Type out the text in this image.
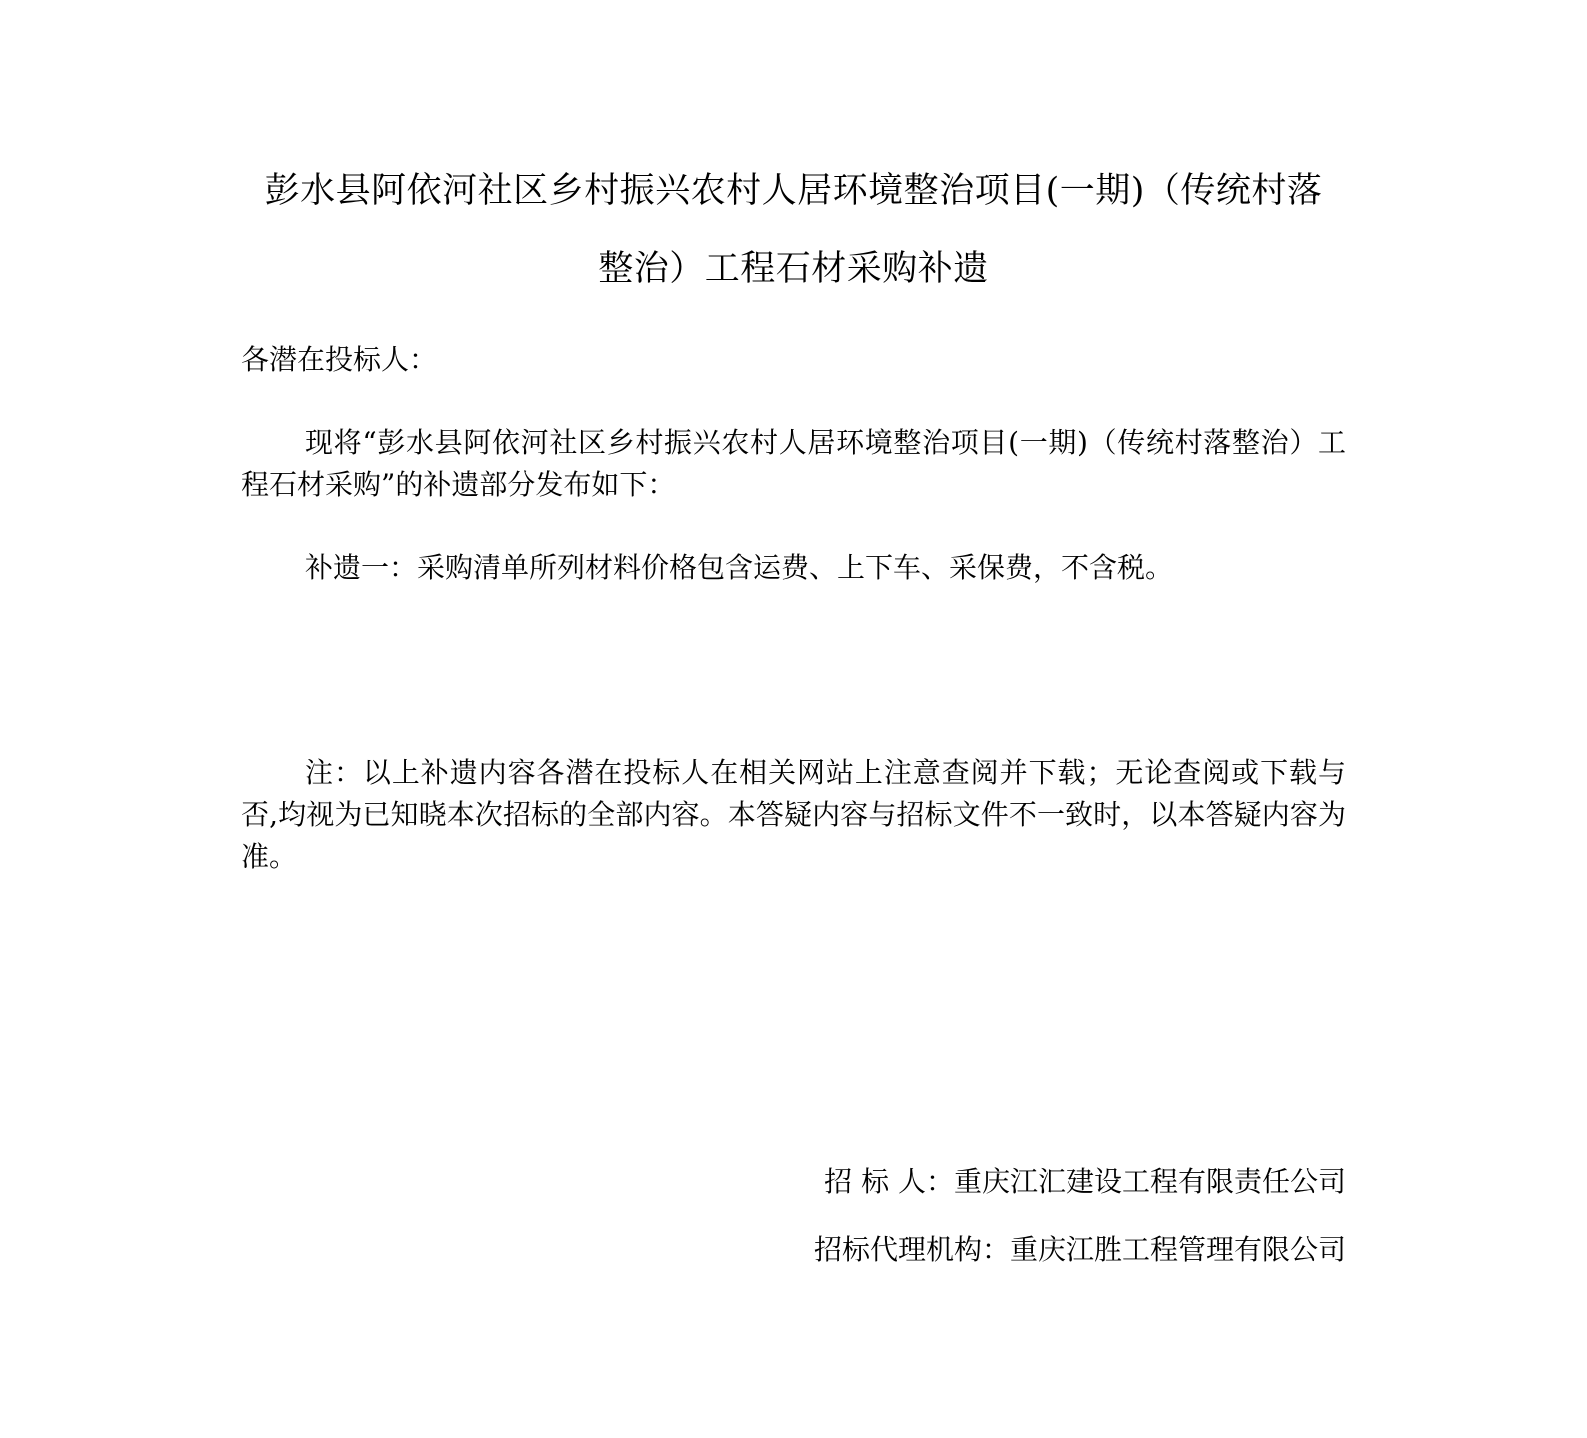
彭水县阿依河社区乡村振兴农村人居环境整治项目(一期)（传统村落
整治）工程石材采购补遗
各潜在投标人：
现将“彭水县阿依河社区乡村振兴农村人居环境整治项目(一期)（传统村落整治）工程石材采购”的补遗部分发布如下：
补遗一：采购清单所列材料价格包含运费、上下车、采保费，不含税。
注：以上补遗内容各潜在投标人在相关网站上注意查阅并下载；无论查阅或下载与否,均视为已知晓本次招标的全部内容。本答疑内容与招标文件不一致时，以本答疑内容为准。
招 标 人：重庆江汇建设工程有限责任公司
招标代理机构：重庆江胜工程管理有限公司
